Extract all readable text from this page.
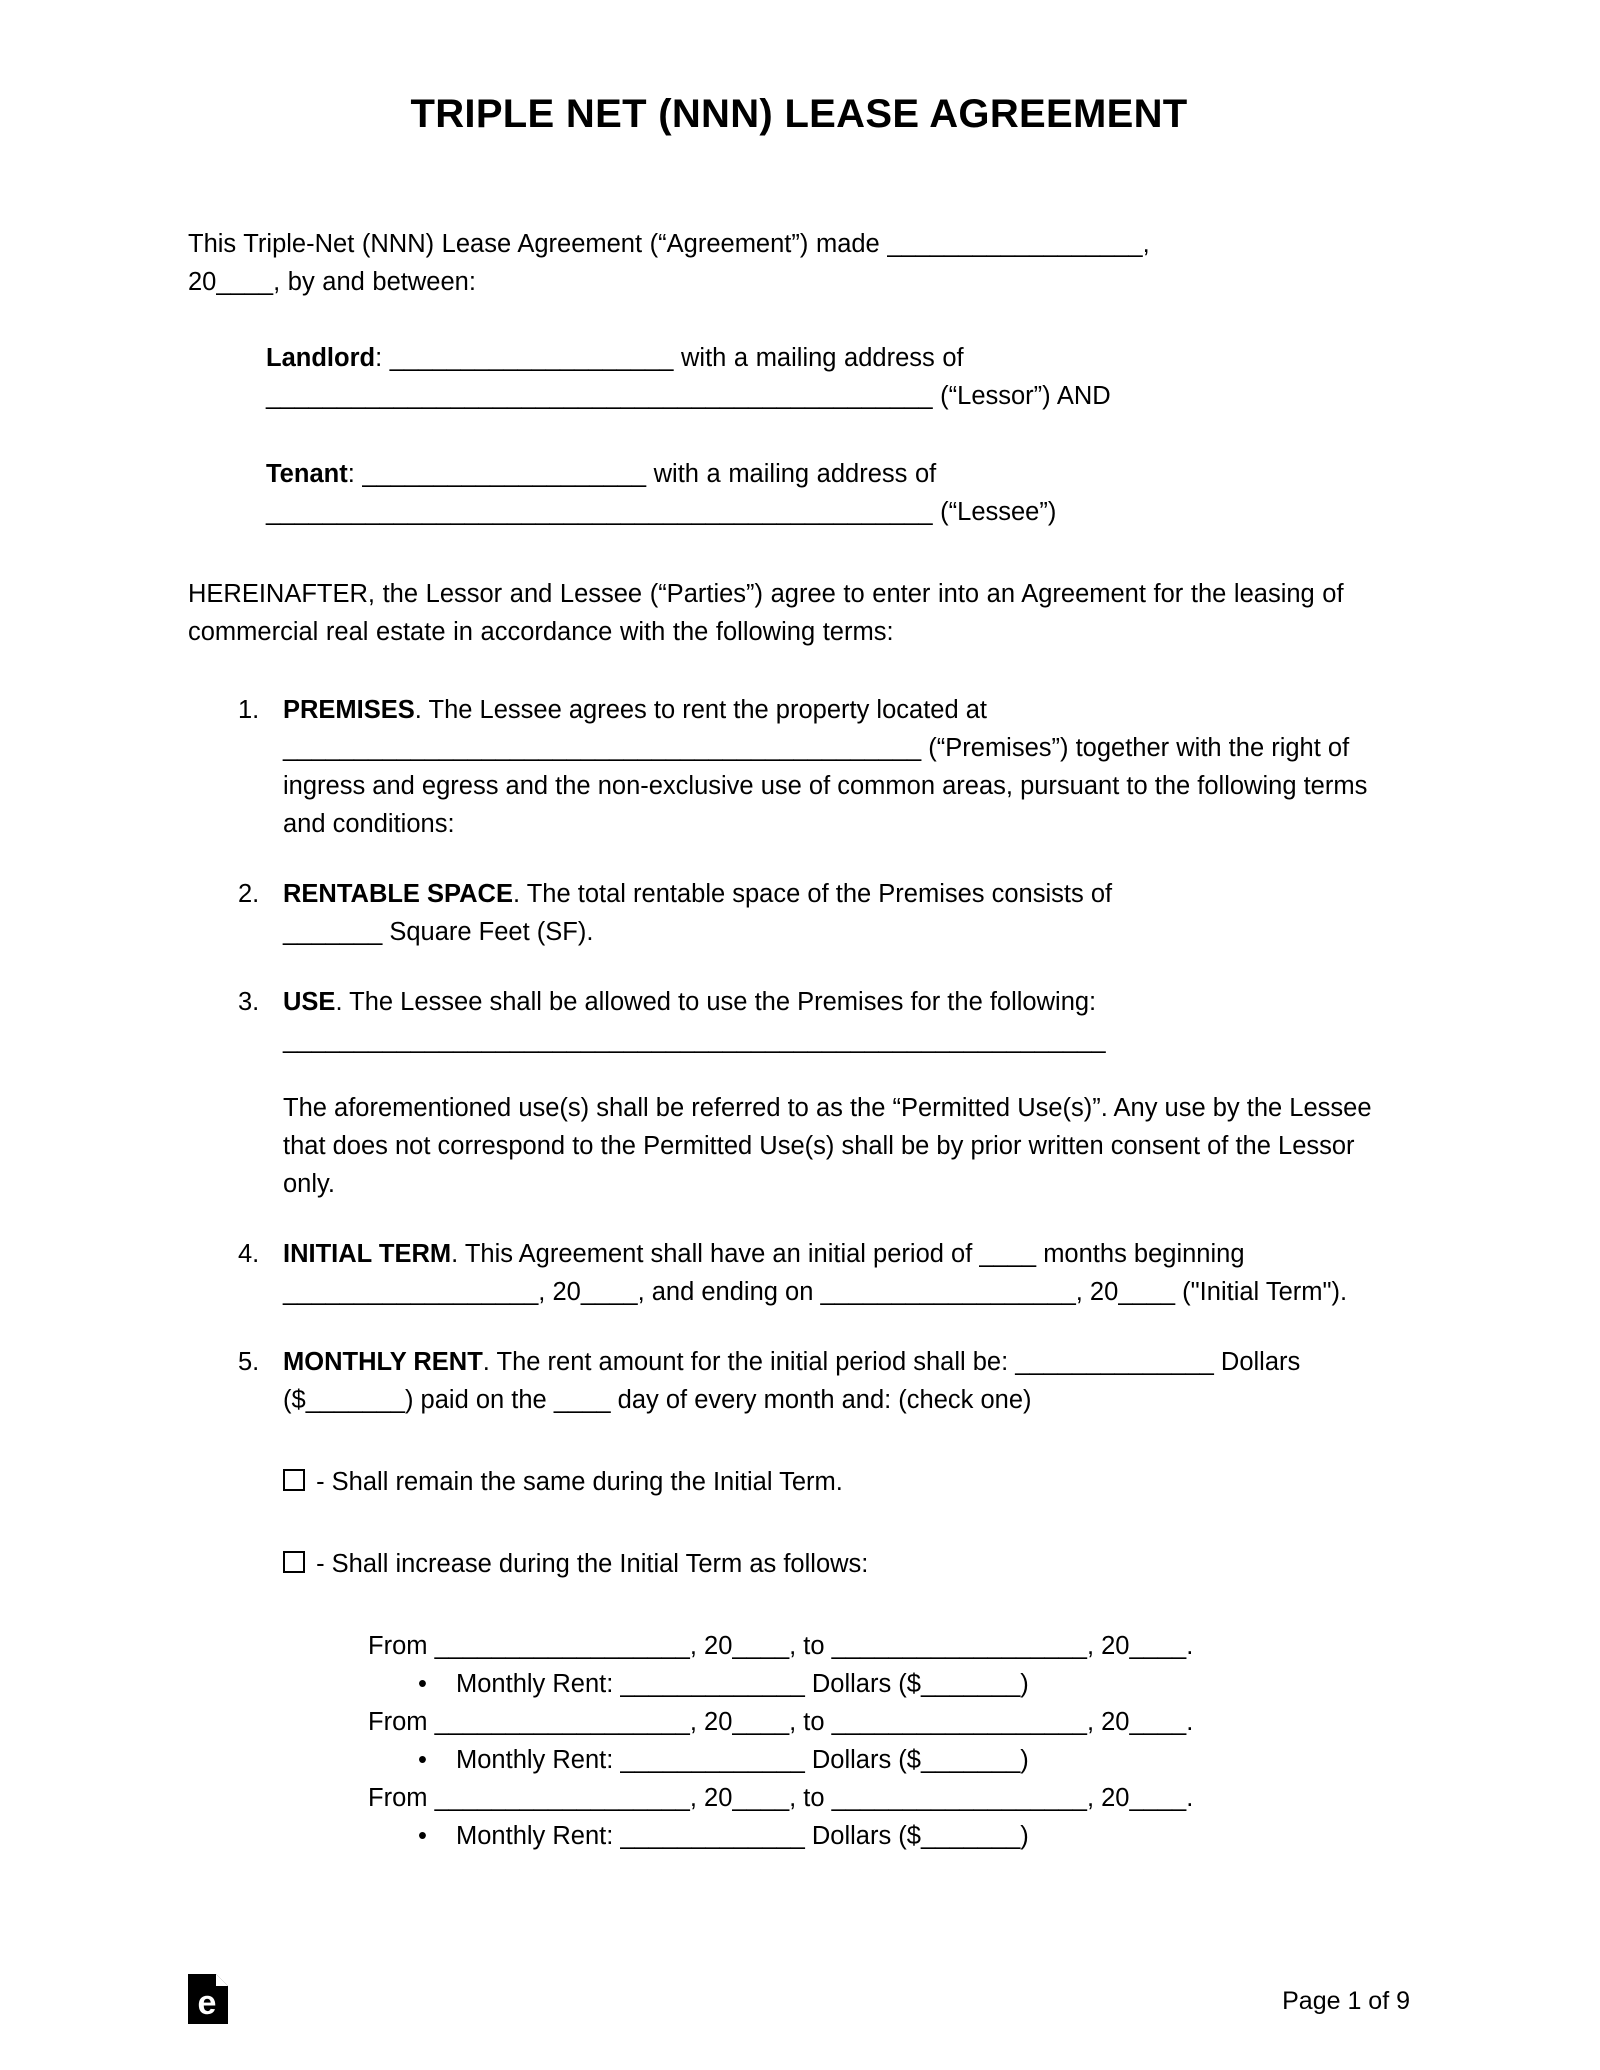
TRIPLE NET (NNN) LEASE AGREEMENT

This Triple-Net (NNN) Lease Agreement (“Agreement”) made __________________,
20____, by and between:

Landlord: ____________________ with a mailing address of
_______________________________________________ (“Lessor”) AND

Tenant: ____________________ with a mailing address of
_______________________________________________ (“Lessee”)

HEREINAFTER, the Lessor and Lessee (“Parties”) agree to enter into an Agreement for the leasing of commercial real estate in accordance with the following terms:

1. PREMISES. The Lessee agrees to rent the property located at
_____________________________________________ (“Premises”) together with the right of ingress and egress and the non-exclusive use of common areas, pursuant to the following terms and conditions:
2. RENTABLE SPACE. The total rentable space of the Premises consists of
_______ Square Feet (SF).
3. USE. The Lessee shall be allowed to use the Premises for the following:
__________________________________________________________
The aforementioned use(s) shall be referred to as the “Permitted Use(s)”. Any use by the Lessee that does not correspond to the Permitted Use(s) shall be by prior written consent of the Lessor only.
4. INITIAL TERM. This Agreement shall have an initial period of ____ months beginning __________________, 20____, and ending on __________________, 20____ ("Initial Term").
5. MONTHLY RENT. The rent amount for the initial period shall be: ______________ Dollars ($_______) paid on the ____ day of every month and: (check one)
- Shall remain the same during the Initial Term.
- Shall increase during the Initial Term as follows:
From __________________, 20____, to __________________, 20____.
• Monthly Rent: _____________ Dollars ($_______)
From __________________, 20____, to __________________, 20____.
• Monthly Rent: _____________ Dollars ($_______)
From __________________, 20____, to __________________, 20____.
• Monthly Rent: _____________ Dollars ($_______)
e	Page 1 of 9
